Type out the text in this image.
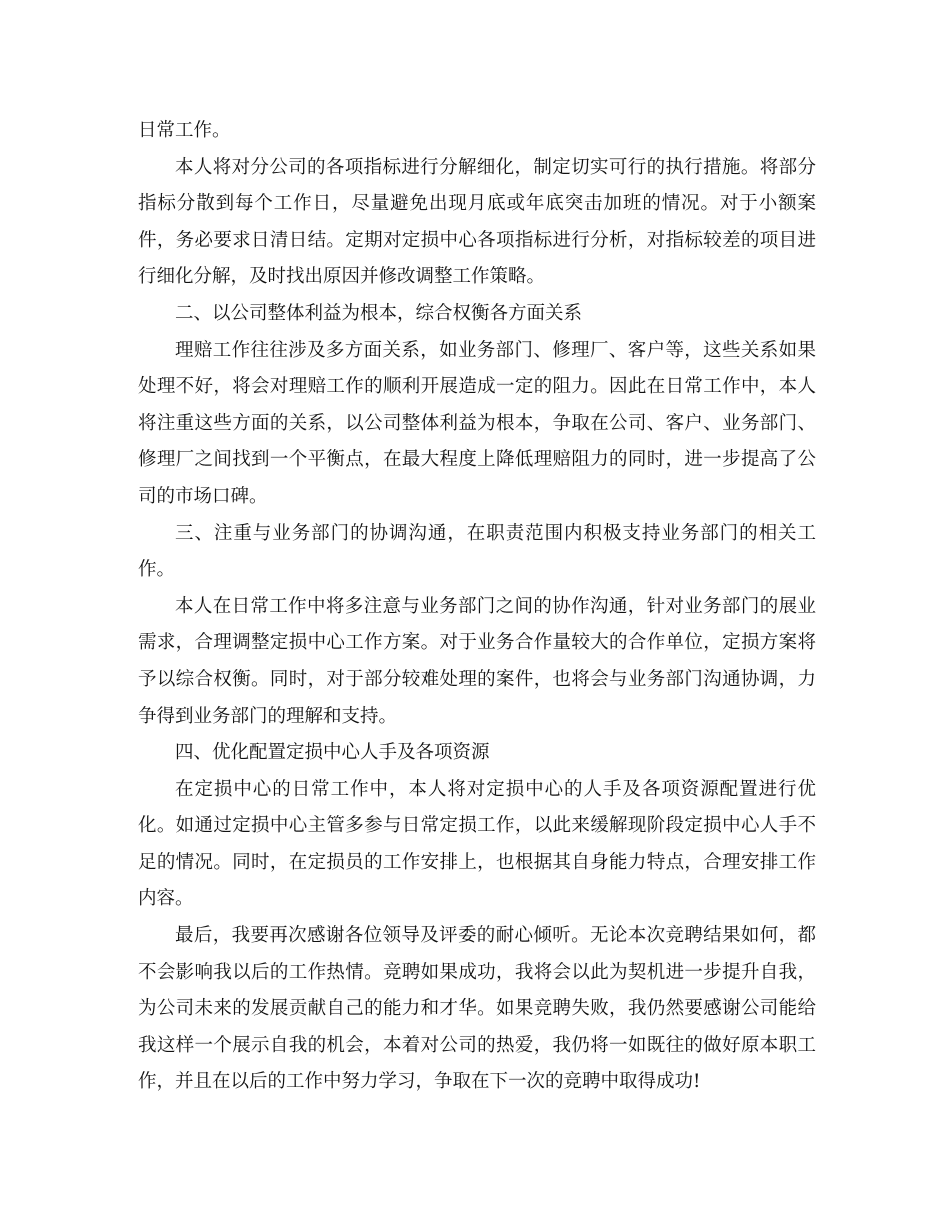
日常工作。

本人将对分公司的各项指标进行分解细化，制定切实可行的执行措施。将部分指标分散到每个工作日，尽量避免出现月底或年底突击加班的情况。对于小额案件，务必要求日清日结。定期对定损中心各项指标进行分析，对指标较差的项目进行细化分解，及时找出原因并修改调整工作策略。

二、以公司整体利益为根本，综合权衡各方面关系

理赔工作往往涉及多方面关系，如业务部门、修理厂、客户等，这些关系如果处理不好，将会对理赔工作的顺利开展造成一定的阻力。因此在日常工作中，本人将注重这些方面的关系，以公司整体利益为根本，争取在公司、客户、业务部门、修理厂之间找到一个平衡点，在最大程度上降低理赔阻力的同时，进一步提高了公司的市场口碑。

三、注重与业务部门的协调沟通，在职责范围内积极支持业务部门的相关工作。

本人在日常工作中将多注意与业务部门之间的协作沟通，针对业务部门的展业需求，合理调整定损中心工作方案。对于业务合作量较大的合作单位，定损方案将予以综合权衡。同时，对于部分较难处理的案件，也将会与业务部门沟通协调，力争得到业务部门的理解和支持。

四、优化配置定损中心人手及各项资源

在定损中心的日常工作中，本人将对定损中心的人手及各项资源配置进行优化。如通过定损中心主管多参与日常定损工作，以此来缓解现阶段定损中心人手不足的情况。同时，在定损员的工作安排上，也根据其自身能力特点，合理安排工作内容。

最后，我要再次感谢各位领导及评委的耐心倾听。无论本次竞聘结果如何，都不会影响我以后的工作热情。竞聘如果成功，我将会以此为契机进一步提升自我，为公司未来的发展贡献自己的能力和才华。如果竞聘失败，我仍然要感谢公司能给我这样一个展示自我的机会，本着对公司的热爱，我仍将一如既往的做好原本职工作，并且在以后的工作中努力学习，争取在下一次的竞聘中取得成功!
